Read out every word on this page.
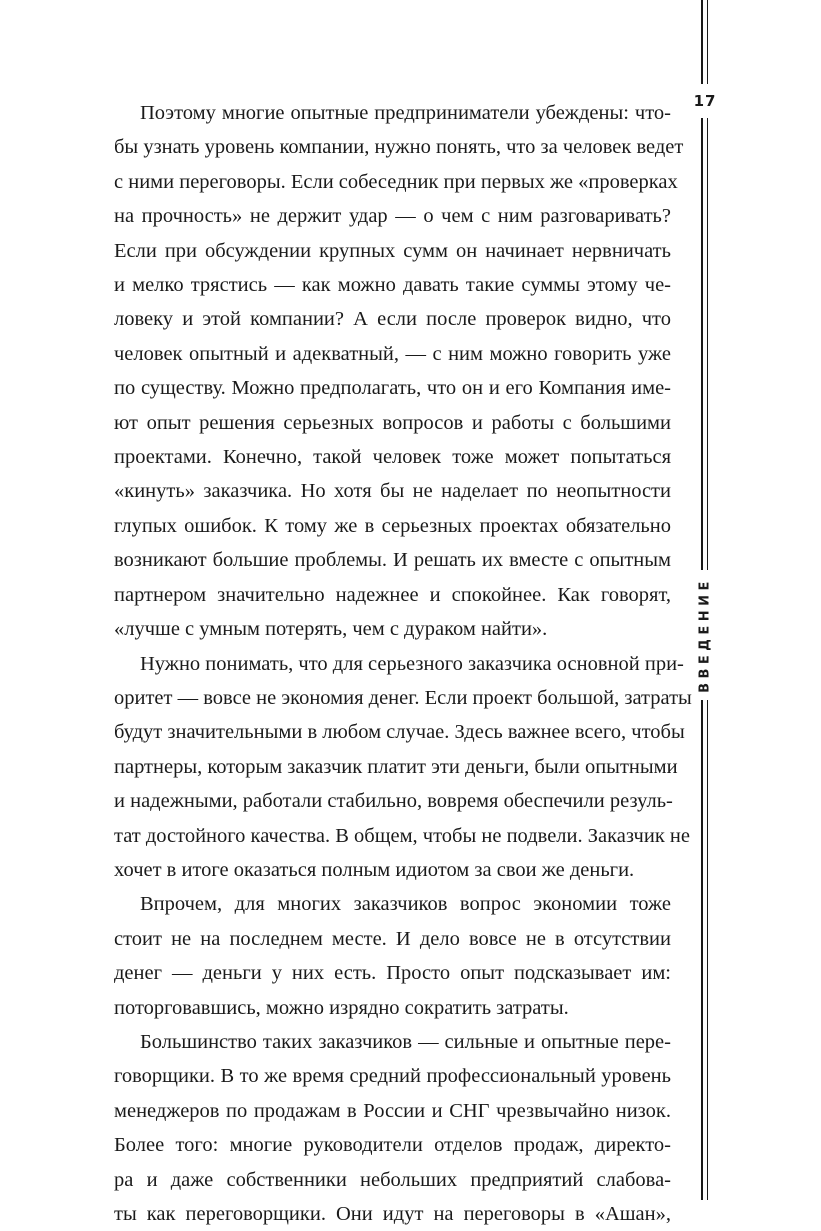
17
ВВЕДЕНИЕ

Поэтому многие опытные предприниматели убеждены: что-
бы узнать уровень компании, нужно понять, что за человек ведет
с ними переговоры. Если собеседник при первых же «проверках
на прочность» не держит удар — о чем с ним разговаривать?
Если при обсуждении крупных сумм он начинает нервничать
и мелко трястись — как можно давать такие суммы этому че-
ловеку и этой компании? А если после проверок видно, что
человек опытный и адекватный, — с ним можно говорить уже
по существу. Можно предполагать, что он и его Компания име-
ют опыт решения серьезных вопросов и работы с большими
проектами. Конечно, такой человек тоже может попытаться
«кинуть» заказчика. Но хотя бы не наделает по неопытности
глупых ошибок. К тому же в серьезных проектах обязательно
возникают большие проблемы. И решать их вместе с опытным
партнером значительно надежнее и спокойнее. Как говорят,
«лучше с умным потерять, чем с дураком найти».

Нужно понимать, что для серьезного заказчика основной при-
оритет — вовсе не экономия денег. Если проект большой, затраты
будут значительными в любом случае. Здесь важнее всего, чтобы
партнеры, которым заказчик платит эти деньги, были опытными
и надежными, работали стабильно, вовремя обеспечили резуль-
тат достойного качества. В общем, чтобы не подвели. Заказчик не
хочет в итоге оказаться полным идиотом за свои же деньги.

Впрочем, для многих заказчиков вопрос экономии тоже
стоит не на последнем месте. И дело вовсе не в отсутствии
денег — деньги у них есть. Просто опыт подсказывает им:
поторговавшись, можно изрядно сократить затраты.

Большинство таких заказчиков — сильные и опытные пере-
говорщики. В то же время средний профессиональный уровень
менеджеров по продажам в России и СНГ чрезвычайно низок.
Более того: многие руководители отделов продаж, директо-
ра и даже собственники небольших предприятий слабова-
ты как переговорщики. Они идут на переговоры в «Ашан»,
